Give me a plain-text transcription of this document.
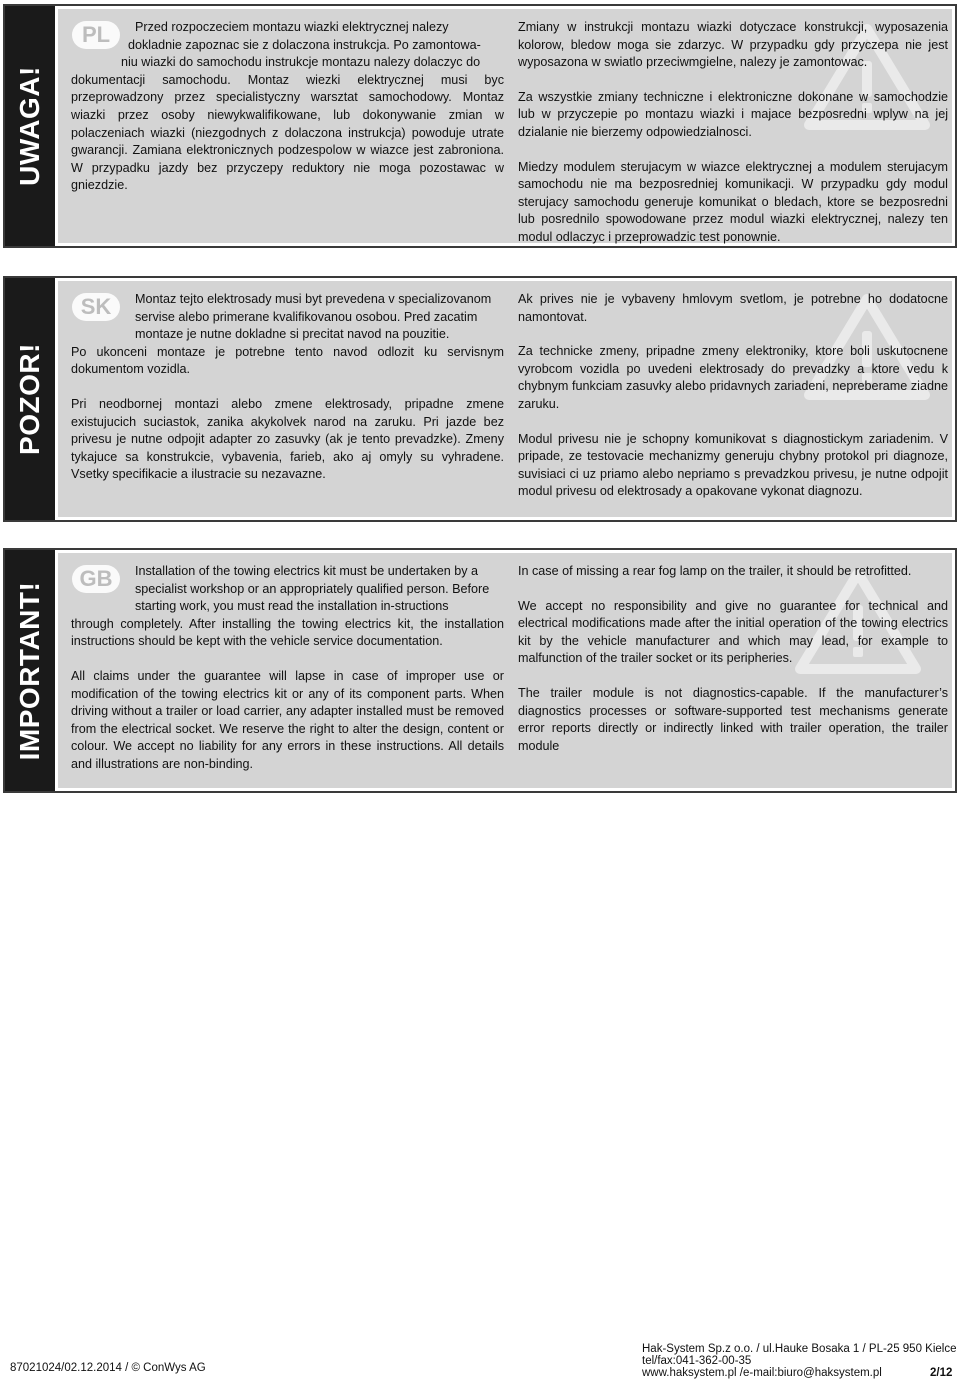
UWAGA!
PL	Przed rozpoczeciem montazu wiazki elektrycznej nalezy
dokladnie zapoznac sie z dolaczona instrukcja. Po zamontowa-
niu wiazki do samochodu instrukcje montazu nalezy dolaczyc do

dokumentacji samochodu. Montaz wiezki elektrycznej musi byc przeprowadzony przez specialistyczny warsztat samochodowy. Montaz wiazki przez osoby niewykwalifikowane, lub dokonywanie zmian w polaczeniach wiazki (niezgodnych z dolaczona instrukcja) powoduje utrate gwarancji. Zamiana elektronicznych podzespolow w wiazce jest zabroniona. W przypadku jazdy bez przyczepy reduktory nie moga pozostawac w gniezdzie.

Zmiany w instrukcji montazu wiazki dotyczace konstrukcji, wyposazenia kolorow, bledow moga sie zdarzyc. W przypadku gdy przyczepa nie jest wyposazona w swiatlo przeciwmgielne, nalezy je zamontowac.

Za wszystkie zmiany techniczne i elektroniczne dokonane w samochodzie lub w przyczepie po montazu wiazki i majace bezposredni wplyw na jej dzialanie nie bierzemy odpowiedzialnosci.

Miedzy modulem sterujacym w wiazce elektrycznej a modulem sterujacym samochodu nie ma bezposredniej komunikacji. W przypadku gdy modul sterujacy samochodu generuje komunikat o bledach, ktore se bezposredni lub posrednilo spowodowane przez modul wiazki elektrycznej, nalezy ten modul odlaczyc i przeprowadzic test ponownie.

POZOR!
SK	Montaz tejto elektrosady musi byt prevedena v specializovanom
servise alebo primerane kvalifikovanou osobou. Pred zacatim
montaze je nutne dokladne si precitat navod na pouzitie.

Po ukonceni montaze je potrebne tento navod odlozit ku servisnym dokumentom vozidla.

Pri neodbornej montazi alebo zmene elektrosady, pripadne zmene existujucich suciastok, zanika akykolvek narod na zaruku. Pri jazde bez privesu je nutne odpojit adapter zo zasuvky (ak je tento prevadzke). Zmeny tykajuce sa konstrukcie, vybavenia, farieb, ako aj omyly su vyhradene. Vsetky specifikacie a ilustracie su nezavazne.

Ak prives nie je vybaveny hmlovym svetlom, je potrebne ho dodatocne namontovat.

Za technicke zmeny, pripadne zmeny elektroniky, ktore boli uskutocnene vyrobcom vozidla po uvedeni elektrosady do prevadzky a ktore vedu k chybnym funkciam zasuvky alebo pridavnych zariadeni, nepreberame ziadne zaruku.

Modul privesu nie je schopny komunikovat s diagnostickym zariadenim. V pripade, ze testovacie mechanizmy generuju chybny protokol pri diagnoze, suvisiaci ci uz priamo alebo nepriamo s prevadzkou privesu, je nutne odpojit modul privesu od elektrosady a opakovane vykonat diagnozu.

IMPORTANT!
GB	Installation of the towing electrics kit must be undertaken by a
specialist workshop or an appropriately qualified person. Before
starting work, you must read the installation in-structions

through completely. After installing the towing electrics kit, the installation instructions should be kept with the vehicle service documentation.

All claims under the guarantee will lapse in case of improper use or modification of the towing electrics kit or any of its component parts. When driving without a trailer or load carrier, any adapter installed must be removed from the electrical socket. We reserve the right to alter the design, content or colour. We accept no liability for any errors in these instructions. All details and illustrations are non-binding.

In case of missing a rear fog lamp on the trailer, it should be retrofitted.

We accept no responsibility and give no guarantee for technical and electrical modifications made after the initial operation of the towing electrics kit by the vehicle manufacturer and which may lead, for example to malfunction of the trailer socket or its peripheries.

The trailer module is not diagnostics-capable. If the manufacturer’s diagnostics processes or software-supported test mechanisms generate error reports directly or indirectly linked with trailer operation, the trailer module

87021024/02.12.2014 / © ConWys AG
Hak-System Sp.z o.o. / ul.Hauke Bosaka 1 / PL-25 950 Kielce
tel/fax:041-362-00-35
www.haksystem.pl /e-mail:biuro@haksystem.pl	2/12
